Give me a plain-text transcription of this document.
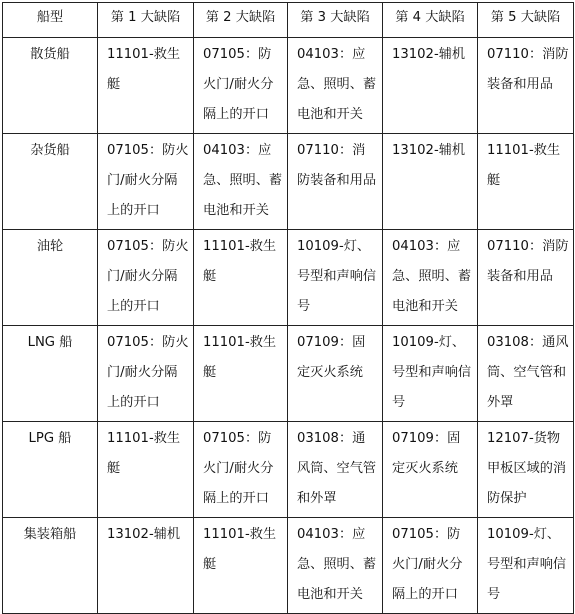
船型	第 1 大缺陷	第 2 大缺陷	第 3 大缺陷	第 4 大缺陷	第 5 大缺陷
散货船	11101-救生艇	07105：防火门/耐火分隔上的开口	04103：应急、照明、蓄电池和开关	13102-辅机	07110：消防装备和用品
杂货船	07105：防火门/耐火分隔上的开口	04103：应急、照明、蓄电池和开关	07110：消防装备和用品	13102-辅机	11101-救生艇
油轮	07105：防火门/耐火分隔上的开口	11101-救生艇	10109-灯、号型和声响信号	04103：应急、照明、蓄电池和开关	07110：消防装备和用品
LNG 船	07105：防火门/耐火分隔上的开口	11101-救生艇	07109：固定灭火系统	10109-灯、号型和声响信号	03108：通风筒、空气管和外罩
LPG 船	11101-救生艇	07105：防火门/耐火分隔上的开口	03108：通风筒、空气管和外罩	07109：固定灭火系统	12107-货物甲板区域的消防保护
集装箱船	13102-辅机	11101-救生艇	04103：应急、照明、蓄电池和开关	07105：防火门/耐火分隔上的开口	10109-灯、号型和声响信号
